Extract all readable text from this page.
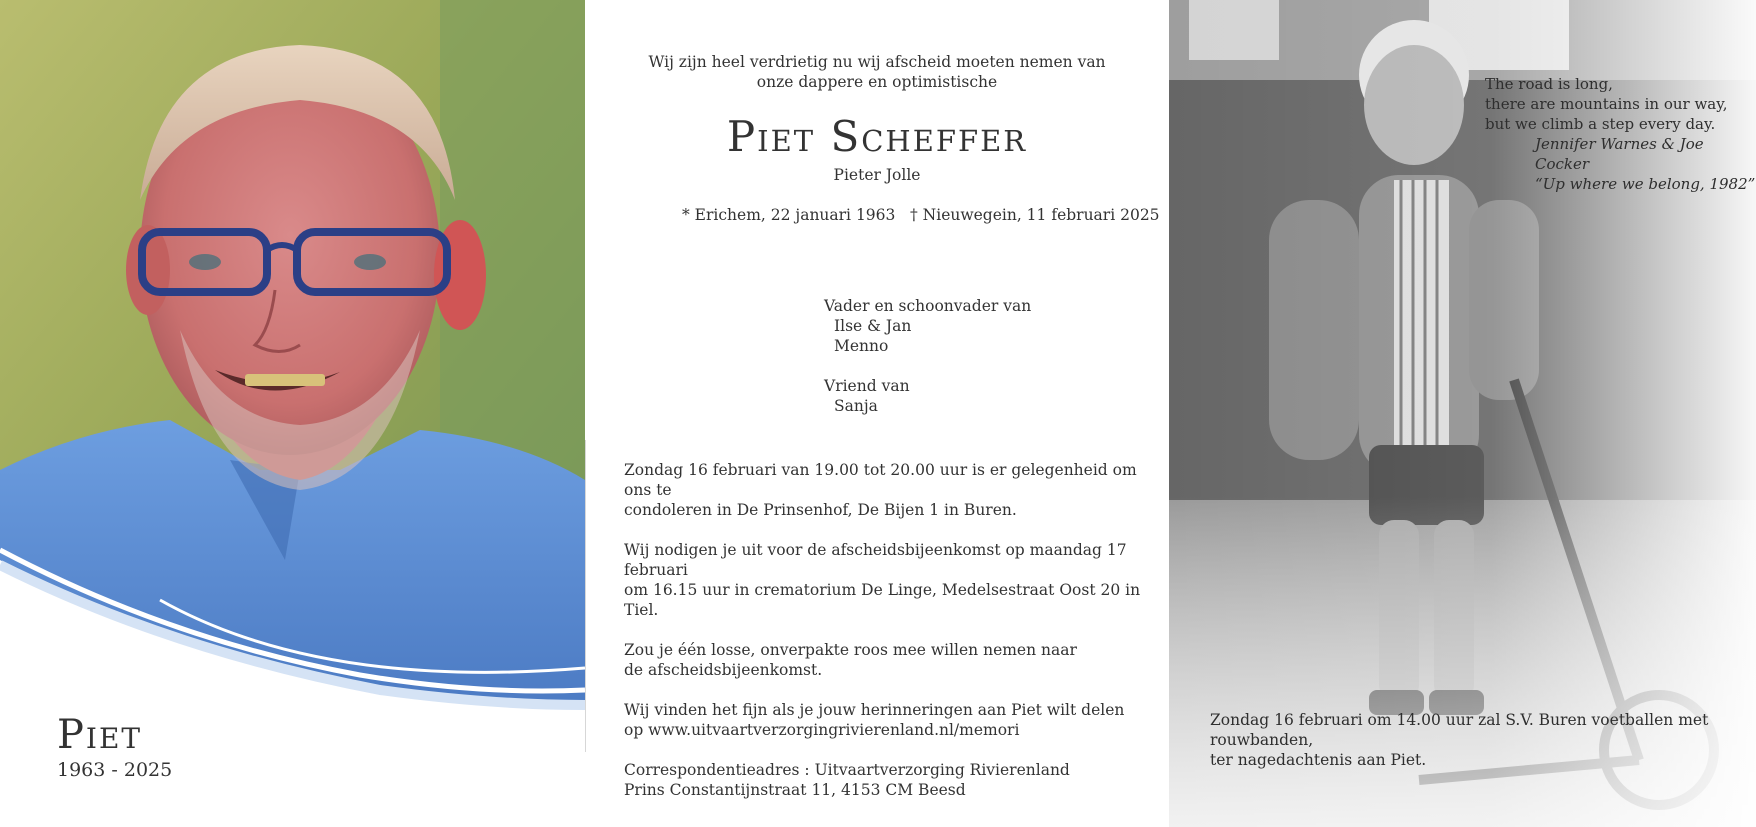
Piet
1963 - 2025
Wij zijn heel verdrietig nu wij afscheid moeten nemen van
onze dappere en optimistische
Piet Scheffer
Pieter Jolle
* Erichem, 22 januari 1963 † Nieuwegein, 11 februari 2025
Vader en schoonvader van
Ilse & Jan
Menno
Vriend van
Sanja

Zondag 16 februari van 19.00 tot 20.00 uur is er gelegenheid om ons te
condoleren in De Prinsenhof, De Bijen 1 in Buren.

Wij nodigen je uit voor de afscheidsbijeenkomst op maandag 17 februari
om 16.15 uur in crematorium De Linge, Medelsestraat Oost 20 in Tiel.

Zou je één losse, onverpakte roos mee willen nemen naar
de afscheidsbijeenkomst.

Wij vinden het fijn als je jouw herinneringen aan Piet wilt delen
op www.uitvaartverzorgingrivierenland.nl/memori

Correspondentieadres : Uitvaartverzorging Rivierenland
Prins Constantijnstraat 11, 4153 CM Beesd

The road is long,
there are mountains in our way,
but we climb a step every day.
Jennifer Warnes & Joe Cocker
“Up where we belong, 1982”
Zondag 16 februari om 14.00 uur zal S.V. Buren voetballen met rouwbanden,
ter nagedachtenis aan Piet.
